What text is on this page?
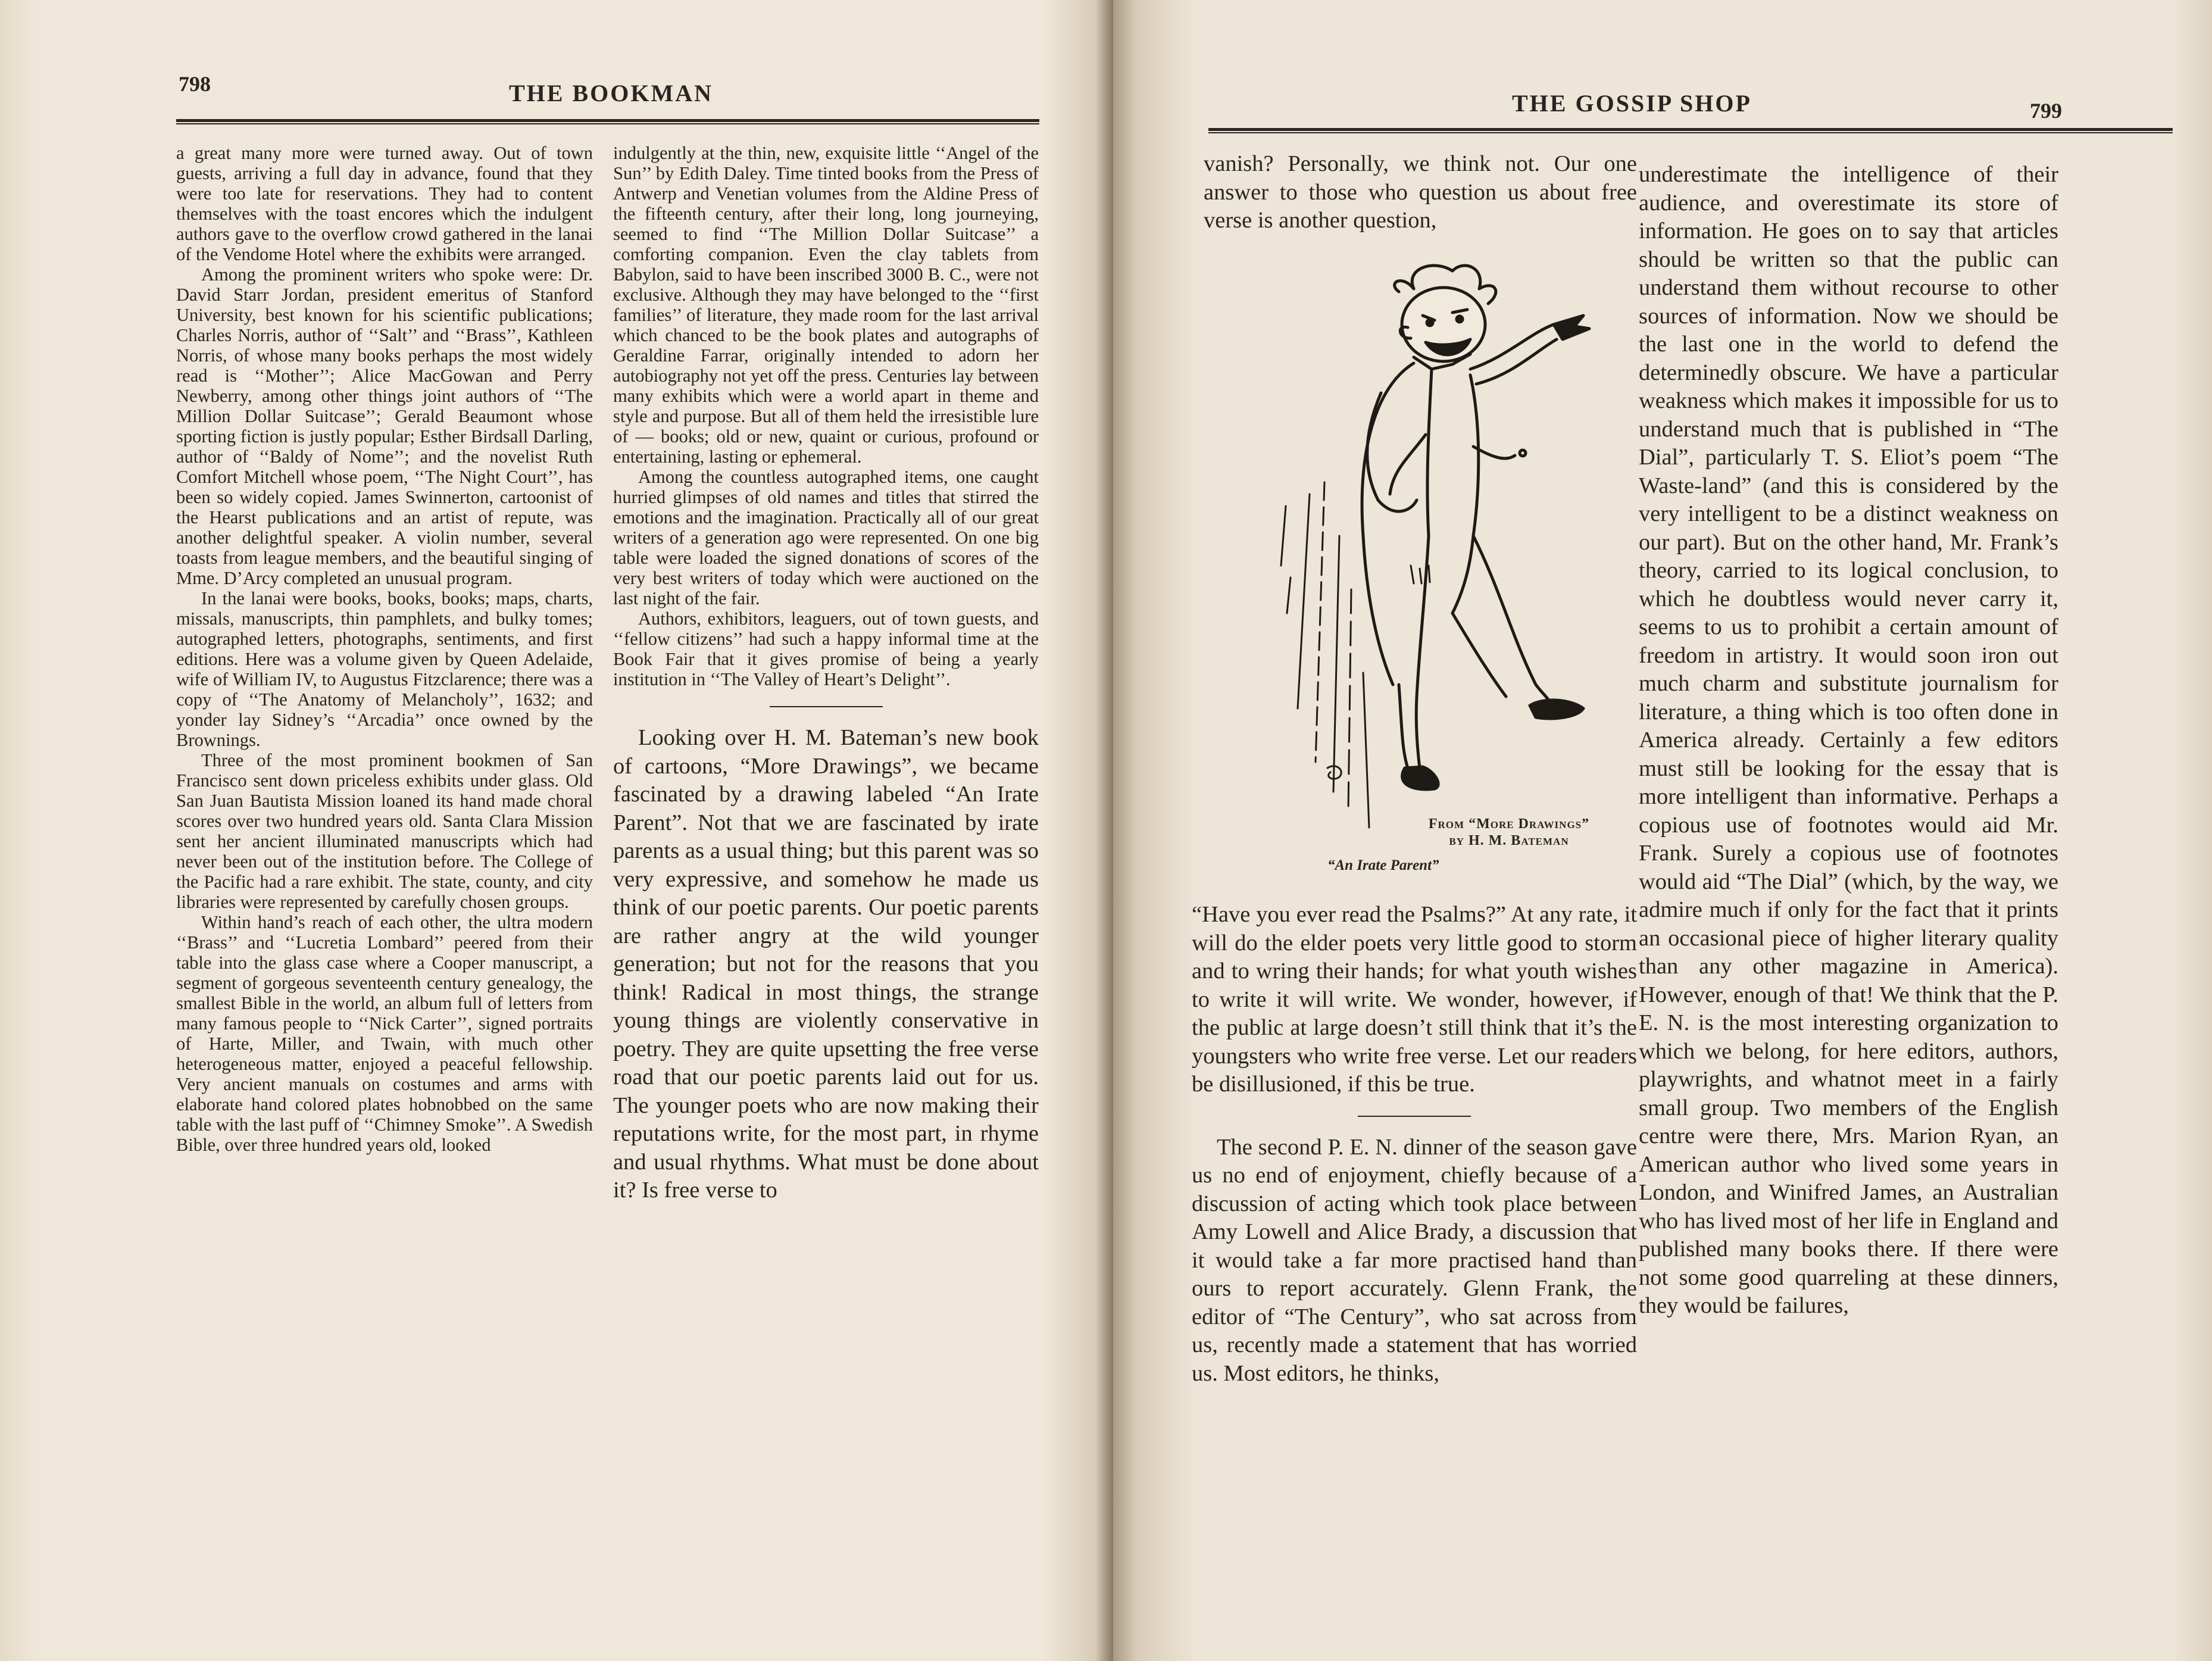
798	THE BOOKMAN

a great many more were turned away. Out of town guests, arriving a full day in advance, found that they were too late for reservations. They had to content themselves with the toast encores which the indulgent authors gave to the overflow crowd gathered in the lanai of the Vendome Hotel where the exhibits were arranged.

Among the prominent writers who spoke were: Dr. David Starr Jordan, president emeritus of Stanford University, best known for his scientific publications; Charles Norris, author of ‘‘Salt’’ and ‘‘Brass’’, Kathleen Norris, of whose many books perhaps the most widely read is ‘‘Mother’’; Alice MacGowan and Perry Newberry, among other things joint authors of ‘‘The Million Dollar Suitcase’’; Gerald Beaumont whose sporting fiction is justly popular; Esther Birdsall Darling, author of ‘‘Baldy of Nome’’; and the novelist Ruth Comfort Mitchell whose poem, ‘‘The Night Court’’, has been so widely copied. James Swinnerton, cartoonist of the Hearst publications and an artist of repute, was another delightful speaker. A violin number, several toasts from league members, and the beautiful singing of Mme. D’Arcy completed an unusual program.

In the lanai were books, books, books; maps, charts, missals, manuscripts, thin pamphlets, and bulky tomes; autographed letters, photographs, sentiments, and first editions. Here was a volume given by Queen Adelaide, wife of William IV, to Augustus Fitzclarence; there was a copy of ‘‘The Anatomy of Melancholy’’, 1632; and yonder lay Sidney’s ‘‘Arcadia’’ once owned by the Brownings.

Three of the most prominent bookmen of San Francisco sent down priceless exhibits under glass. Old San Juan Bautista Mission loaned its hand made choral scores over two hundred years old. Santa Clara Mission sent her ancient illuminated manuscripts which had never been out of the institution before. The College of the Pacific had a rare exhibit. The state, county, and city libraries were represented by carefully chosen groups.

Within hand’s reach of each other, the ultra modern ‘‘Brass’’ and ‘‘Lucretia Lombard’’ peered from their table into the glass case where a Cooper manuscript, a segment of gorgeous seventeenth century genealogy, the smallest Bible in the world, an album full of letters from many famous people to ‘‘Nick Carter’’, signed portraits of Harte, Miller, and Twain, with much other heterogeneous matter, enjoyed a peaceful fellowship. Very ancient manuals on costumes and arms with elaborate hand colored plates hobnobbed on the same table with the last puff of ‘‘Chimney Smoke’’. A Swedish Bible, over three hundred years old, looked

indulgently at the thin, new, exquisite little ‘‘Angel of the Sun’’ by Edith Daley. Time tinted books from the Press of Antwerp and Venetian volumes from the Aldine Press of the fifteenth century, after their long, long journeying, seemed to find ‘‘The Million Dollar Suitcase’’ a comforting companion. Even the clay tablets from Babylon, said to have been inscribed 3000 B. C., were not exclusive. Although they may have belonged to the ‘‘first families’’ of literature, they made room for the last arrival which chanced to be the book plates and autographs of Geraldine Farrar, originally intended to adorn her autobiography not yet off the press. Centuries lay between many exhibits which were a world apart in theme and style and purpose. But all of them held the irresistible lure of — books; old or new, quaint or curious, profound or entertaining, lasting or ephemeral.

Among the countless autographed items, one caught hurried glimpses of old names and titles that stirred the emotions and the imagination. Practically all of our great writers of a generation ago were represented. On one big table were loaded the signed donations of scores of the very best writers of today which were auctioned on the last night of the fair.

Authors, exhibitors, leaguers, out of town guests, and ‘‘fellow citizens’’ had such a happy informal time at the Book Fair that it gives promise of being a yearly institution in ‘‘The Valley of Heart’s Delight’’.

Looking over H. M. Bateman’s new book of cartoons, “More Drawings”, we became fascinated by a drawing labeled “An Irate Parent”. Not that we are fascinated by irate parents as a usual thing; but this parent was so very expressive, and somehow he made us think of our poetic parents. Our poetic parents are rather angry at the wild younger generation; but not for the reasons that you think! Radical in most things, the strange young things are violently conservative in poetry. They are quite upsetting the free verse road that our poetic parents laid out for us. The younger poets who are now making their reputations write, for the most part, in rhyme and usual rhythms. What must be done about it? Is free verse to

THE GOSSIP SHOP	799

vanish? Personally, we think not. Our one answer to those who question us about free verse is another question,

From “More Drawings”
by H. M. Bateman
“An Irate Parent”

“Have you ever read the Psalms?” At any rate, it will do the elder poets very little good to storm and to wring their hands; for what youth wishes to write it will write. We wonder, however, if the public at large doesn’t still think that it’s the youngsters who write free verse. Let our readers be disillusioned, if this be true.

The second P. E. N. dinner of the season gave us no end of enjoyment, chiefly because of a discussion of acting which took place between Amy Lowell and Alice Brady, a discussion that it would take a far more practised hand than ours to report accurately. Glenn Frank, the editor of “The Century”, who sat across from us, recently made a statement that has worried us. Most editors, he thinks,

underestimate the intelligence of their audience, and overestimate its store of information. He goes on to say that articles should be written so that the public can understand them without recourse to other sources of information. Now we should be the last one in the world to defend the determinedly obscure. We have a particular weakness which makes it impossible for us to understand much that is published in “The Dial”, particularly T. S. Eliot’s poem “The Waste-land” (and this is considered by the very intelligent to be a distinct weakness on our part). But on the other hand, Mr. Frank’s theory, carried to its logical conclusion, to which he doubtless would never carry it, seems to us to prohibit a certain amount of freedom in artistry. It would soon iron out much charm and substitute journalism for literature, a thing which is too often done in America already. Certainly a few editors must still be looking for the essay that is more intelligent than informative. Perhaps a copious use of footnotes would aid Mr. Frank. Surely a copious use of footnotes would aid “The Dial” (which, by the way, we admire much if only for the fact that it prints an occasional piece of higher literary quality than any other magazine in America). However, enough of that! We think that the P. E. N. is the most interesting organization to which we belong, for here editors, authors, playwrights, and whatnot meet in a fairly small group. Two members of the English centre were there, Mrs. Marion Ryan, an American author who lived some years in London, and Winifred James, an Australian who has lived most of her life in England and published many books there. If there were not some good quarreling at these dinners, they would be failures,
